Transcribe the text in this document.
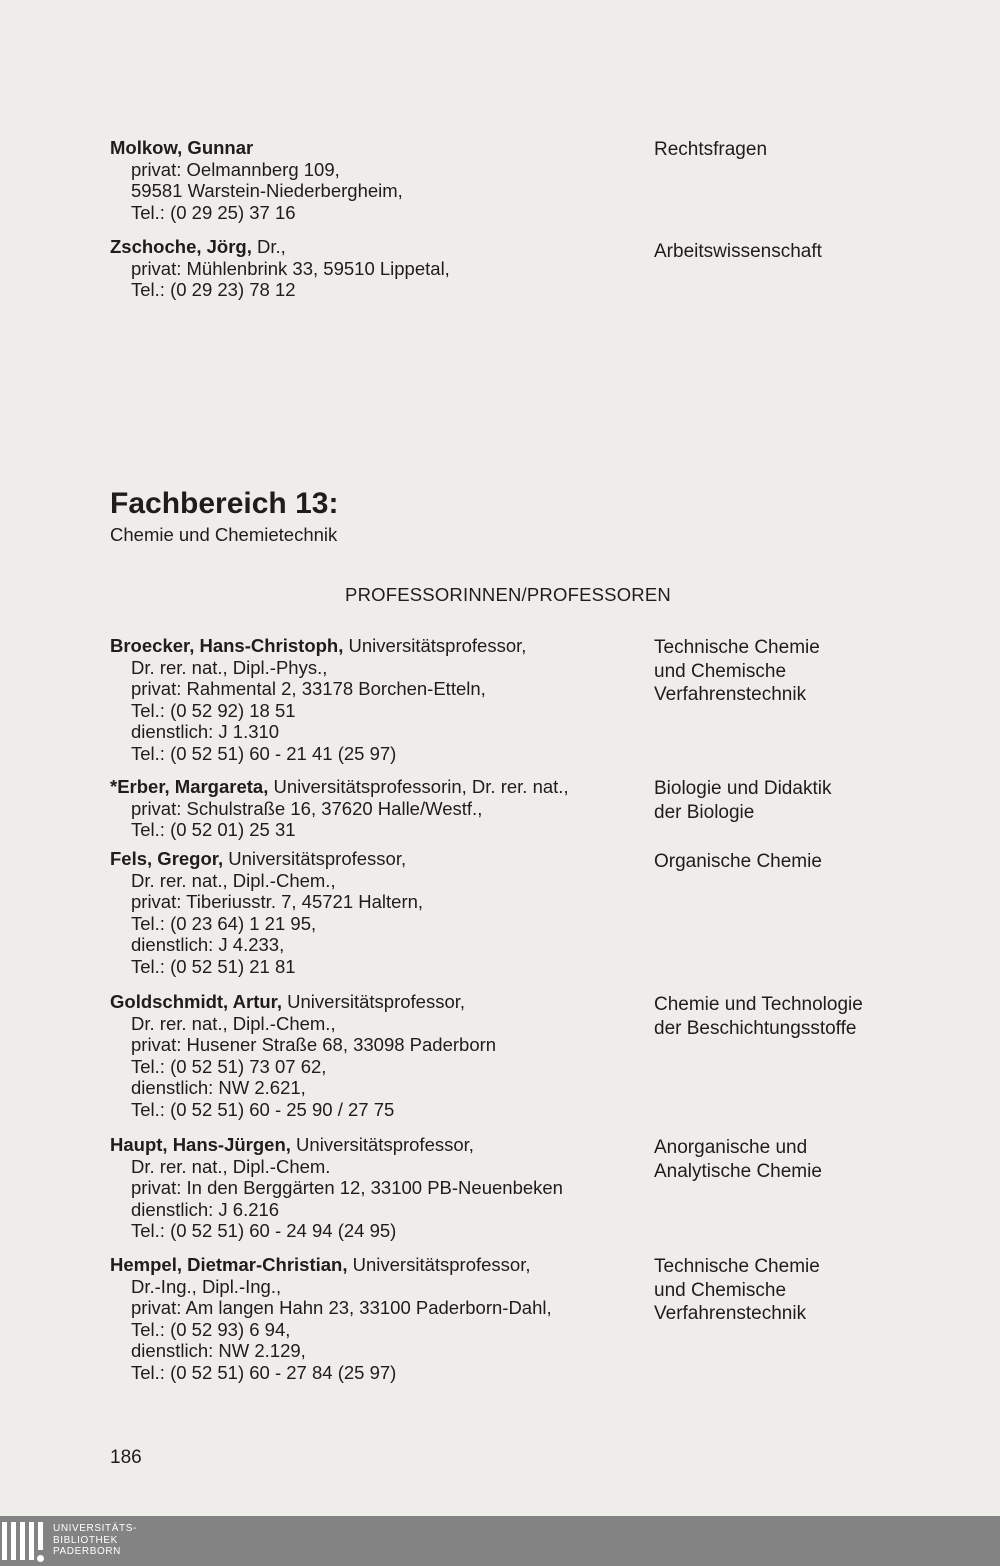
Molkow, Gunnar
privat: Oelmannberg 109,
59581 Warstein-Niederbergheim,
Tel.: (0 29 25) 37 16
Rechtsfragen
Zschoche, Jörg, Dr.,
privat: Mühlenbrink 33, 59510 Lippetal,
Tel.: (0 29 23) 78 12
Arbeitswissenschaft
Fachbereich 13:
Chemie und Chemietechnik
PROFESSORINNEN/PROFESSOREN
Broecker, Hans-Christoph, Universitätsprofessor,
Dr. rer. nat., Dipl.-Phys.,
privat: Rahmental 2, 33178 Borchen-Etteln,
Tel.: (0 52 92) 18 51
dienstlich: J 1.310
Tel.: (0 52 51) 60 - 21 41 (25 97)
Technische Chemie
und Chemische
Verfahrenstechnik
*Erber, Margareta, Universitätsprofessorin, Dr. rer. nat.,
privat: Schulstraße 16, 37620 Halle/Westf.,
Tel.: (0 52 01) 25 31
Biologie und Didaktik
der Biologie
Fels, Gregor, Universitätsprofessor,
Dr. rer. nat., Dipl.-Chem.,
privat: Tiberiusstr. 7, 45721 Haltern,
Tel.: (0 23 64) 1 21 95,
dienstlich: J 4.233,
Tel.: (0 52 51) 21 81
Organische Chemie
Goldschmidt, Artur, Universitätsprofessor,
Dr. rer. nat., Dipl.-Chem.,
privat: Husener Straße 68, 33098 Paderborn
Tel.: (0 52 51) 73 07 62,
dienstlich: NW 2.621,
Tel.: (0 52 51) 60 - 25 90 / 27 75
Chemie und Technologie
der Beschichtungsstoffe
Haupt, Hans-Jürgen, Universitätsprofessor,
Dr. rer. nat., Dipl.-Chem.
privat: In den Berggärten 12, 33100 PB-Neuenbeken
dienstlich: J 6.216
Tel.: (0 52 51) 60 - 24 94 (24 95)
Anorganische und
Analytische Chemie
Hempel, Dietmar-Christian, Universitätsprofessor,
Dr.-Ing., Dipl.-Ing.,
privat: Am langen Hahn 23, 33100 Paderborn-Dahl,
Tel.: (0 52 93) 6 94,
dienstlich: NW 2.129,
Tel.: (0 52 51) 60 - 27 84 (25 97)
Technische Chemie
und Chemische
Verfahrenstechnik
186
UNIVERSITÄTS-
BIBLIOTHEK
PADERBORN
